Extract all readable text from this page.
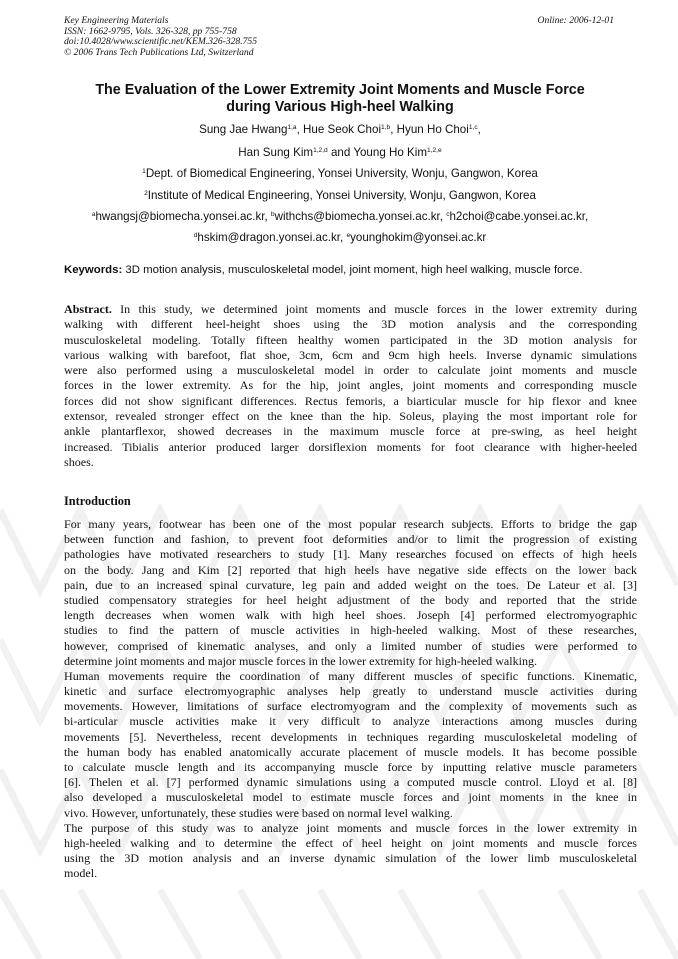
Key Engineering Materials
ISSN: 1662-9795, Vols. 326-328, pp 755-758
doi:10.4028/www.scientific.net/KEM.326-328.755
© 2006 Trans Tech Publications Ltd, Switzerland
Online: 2006-12-01
The Evaluation of the Lower Extremity Joint Moments and Muscle Force
during Various High-heel Walking
Sung Jae Hwang$^{1,a}$, Hue Seok Choi$^{1,b}$, Hyun Ho Choi$^{1,c}$,
Han Sung Kim$^{1,2,d}$ and Young Ho Kim$^{1,2,e}$
$^1$Dept. of Biomedical Engineering, Yonsei University, Wonju, Gangwon, Korea
$^2$Institute of Medical Engineering, Yonsei University, Wonju, Gangwon, Korea
$^a$hwangsj@biomecha.yonsei.ac.kr, $^b$withchs@biomecha.yonsei.ac.kr, $^c$h2choi@cabe.yonsei.ac.kr,
$^d$hskim@dragon.yonsei.ac.kr, $^e$younghokim@yonsei.ac.kr
Keywords: 3D motion analysis, musculoskeletal model, joint moment, high heel walking, muscle force.
Abstract. In this study, we determined joint moments and muscle forces in the lower extremity during
walking with different heel-height shoes using the 3D motion analysis and the corresponding
musculoskeletal modeling. Totally fifteen healthy women participated in the 3D motion analysis for
various walking with barefoot, flat shoe, 3cm, 6cm and 9cm high heels. Inverse dynamic simulations
were also performed using a musculoskeletal model in order to calculate joint moments and muscle
forces in the lower extremity. As for the hip, joint angles, joint moments and corresponding muscle
forces did not show significant differences. Rectus femoris, a biarticular muscle for hip flexor and knee
extensor, revealed stronger effect on the knee than the hip. Soleus, playing the most important role for
ankle plantarflexor, showed decreases in the maximum muscle force at pre-swing, as heel height
increased. Tibialis anterior produced larger dorsiflexion moments for foot clearance with higher-heeled
shoes.
Introduction

For many years, footwear has been one of the most popular research subjects. Efforts to bridge the gap
between function and fashion, to prevent foot deformities and/or to limit the progression of existing
pathologies have motivated researchers to study [1]. Many researches focused on effects of high heels
on the body. Jang and Kim [2] reported that high heels have negative side effects on the lower back
pain, due to an increased spinal curvature, leg pain and added weight on the toes. De Lateur et al. [3]
studied compensatory strategies for heel height adjustment of the body and reported that the stride
length decreases when women walk with high heel shoes. Joseph [4] performed electromyographic
studies to find the pattern of muscle activities in high-heeled walking. Most of these researches,
however, comprised of kinematic analyses, and only a limited number of studies were performed to
determine joint moments and major muscle forces in the lower extremity for high-heeled walking.

Human movements require the coordination of many different muscles of specific functions. Kinematic,
kinetic and surface electromyographic analyses help greatly to understand muscle activities during
movements. However, limitations of surface electromyogram and the complexity of movements such as
bi-articular muscle activities make it very difficult to analyze interactions among muscles during
movements [5]. Nevertheless, recent developments in techniques regarding musculoskeletal modeling of
the human body has enabled anatomically accurate placement of muscle models. It has become possible
to calculate muscle length and its accompanying muscle force by inputting relative muscle parameters
[6]. Thelen et al. [7] performed dynamic simulations using a computed muscle control. Lloyd et al. [8]
also developed a musculoskeletal model to estimate muscle forces and joint moments in the knee in
vivo. However, unfortunately, these studies were based on normal level walking.

The purpose of this study was to analyze joint moments and muscle forces in the lower extremity in
high-heeled walking and to determine the effect of heel height on joint moments and muscle forces
using the 3D motion analysis and an inverse dynamic simulation of the lower limb musculoskeletal
model.
